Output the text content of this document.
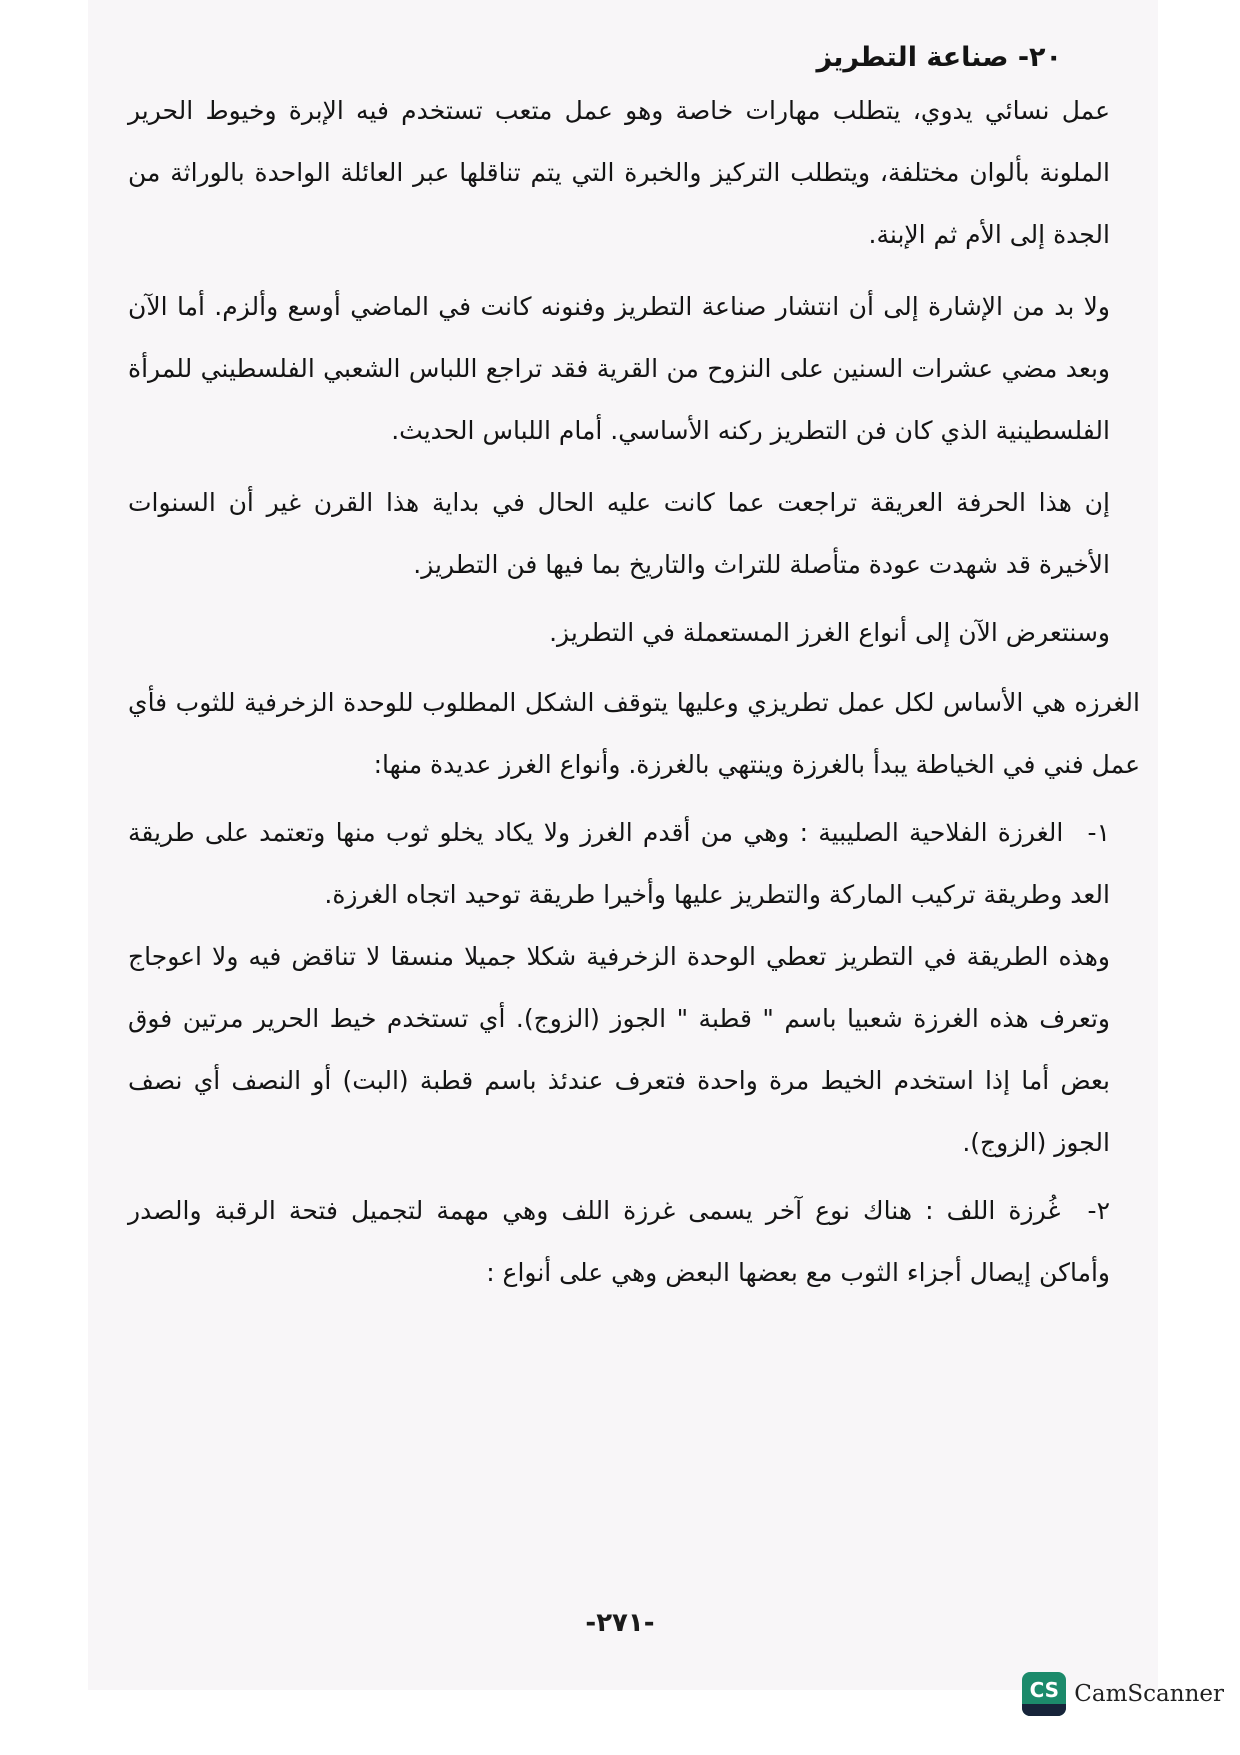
٢٠- صناعة التطريز
عمل نسائي يدوي، يتطلب مهارات خاصة وهو عمل متعب تستخدم فيه الإبرة وخيوط الحرير الملونة بألوان مختلفة، ويتطلب التركيز والخبرة التي يتم تناقلها عبر العائلة الواحدة بالوراثة من الجدة إلى الأم ثم الإبنة.
ولا بد من الإشارة إلى أن انتشار صناعة التطريز وفنونه كانت في الماضي أوسع وألزم. أما الآن وبعد مضي عشرات السنين على النزوح من القرية فقد تراجع اللباس الشعبي الفلسطيني للمرأة الفلسطينية الذي كان فن التطريز ركنه الأساسي. أمام اللباس الحديث.
إن هذا الحرفة العريقة تراجعت عما كانت عليه الحال في بداية هذا القرن غير أن السنوات الأخيرة قد شهدت عودة متأصلة للتراث والتاريخ بما فيها فن التطريز.
وسنتعرض الآن إلى أنواع الغرز المستعملة في التطريز.
الغرزه هي الأساس لكل عمل تطريزي وعليها يتوقف الشكل المطلوب للوحدة الزخرفية للثوب فأي عمل فني في الخياطة يبدأ بالغرزة وينتهي بالغرزة. وأنواع الغرز عديدة منها:
١- الغرزة الفلاحية الصليبية : وهي من أقدم الغرز ولا يكاد يخلو ثوب منها وتعتمد على طريقة العد وطريقة تركيب الماركة والتطريز عليها وأخيرا طريقة توحيد اتجاه الغرزة.
وهذه الطريقة في التطريز تعطي الوحدة الزخرفية شكلا جميلا منسقا لا تناقض فيه ولا اعوجاج وتعرف هذه الغرزة شعبيا باسم " قطبة " الجوز (الزوج). أي تستخدم خيط الحرير مرتين فوق بعض أما إذا استخدم الخيط مرة واحدة فتعرف عندئذ باسم قطبة (البت) أو النصف أي نصف الجوز (الزوج).
٢- غُرزة اللف : هناك نوع آخر يسمى غرزة اللف وهي مهمة لتجميل فتحة الرقبة والصدر وأماكن إيصال أجزاء الثوب مع بعضها البعض وهي على أنواع :
-٢٧١-
CS CamScanner
